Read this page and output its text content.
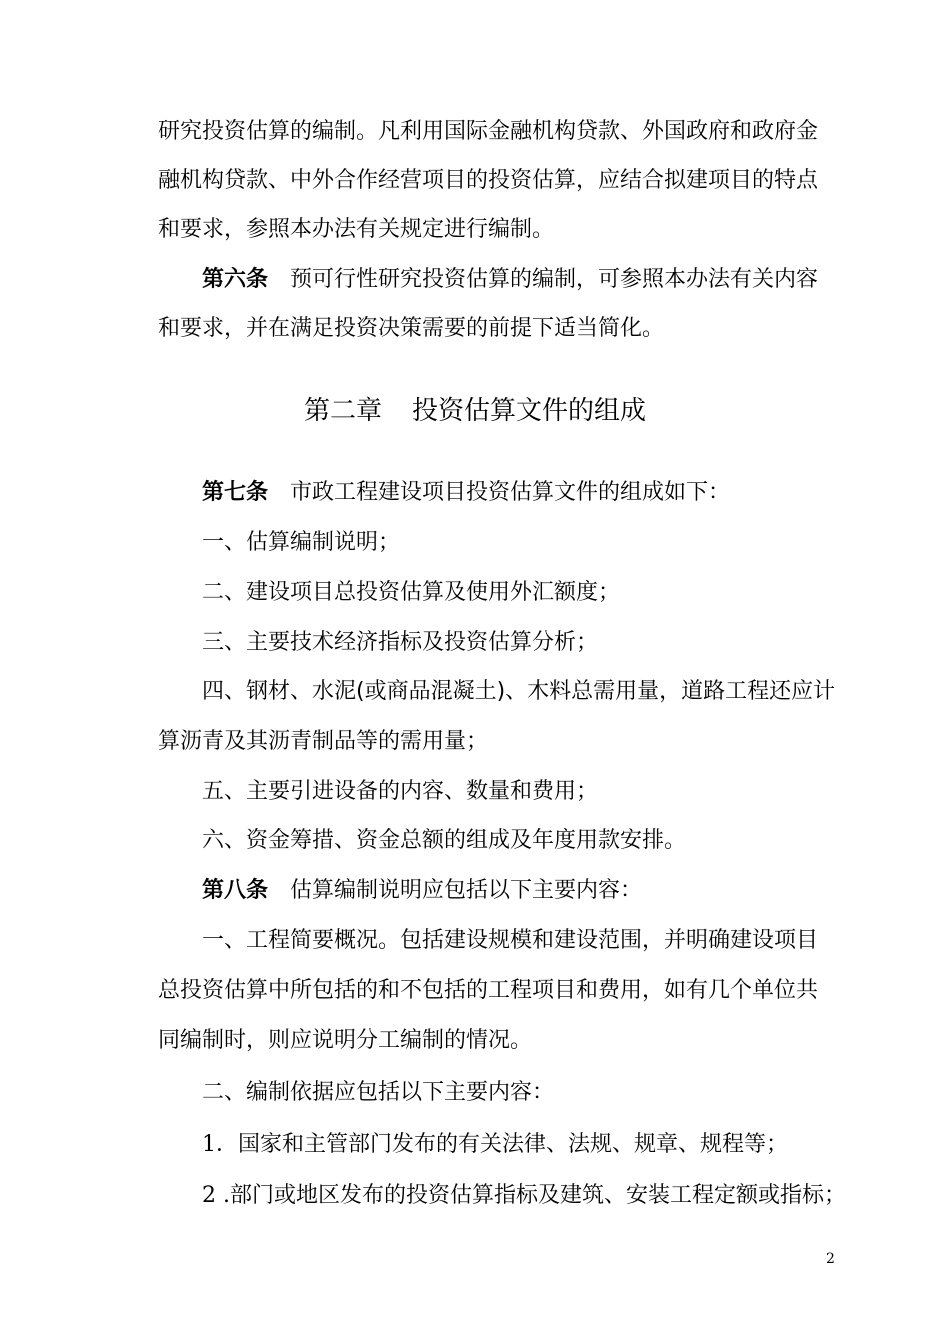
研究投资估算的编制。凡利用国际金融机构贷款、外国政府和政府金
融机构贷款、中外合作经营项目的投资估算，应结合拟建项目的特点
和要求，参照本办法有关规定进行编制。
第六条 预可行性研究投资估算的编制，可参照本办法有关内容
和要求，并在满足投资决策需要的前提下适当简化。
第二章 投资估算文件的组成
第七条 市政工程建设项目投资估算文件的组成如下：
一、估算编制说明；
二、建设项目总投资估算及使用外汇额度；
三、主要技术经济指标及投资估算分析；
四、钢材、水泥(或商品混凝土)、木料总需用量，道路工程还应计
算沥青及其沥青制品等的需用量；
五、主要引进设备的内容、数量和费用；
六、资金筹措、资金总额的组成及年度用款安排。
第八条 估算编制说明应包括以下主要内容：
一、工程简要概况。包括建设规模和建设范围，并明确建设项目
总投资估算中所包括的和不包括的工程项目和费用，如有几个单位共
同编制时，则应说明分工编制的情况。
二、编制依据应包括以下主要内容：
1．国家和主管部门发布的有关法律、法规、规章、规程等；
2 .部门或地区发布的投资估算指标及建筑、安装工程定额或指标；
2
